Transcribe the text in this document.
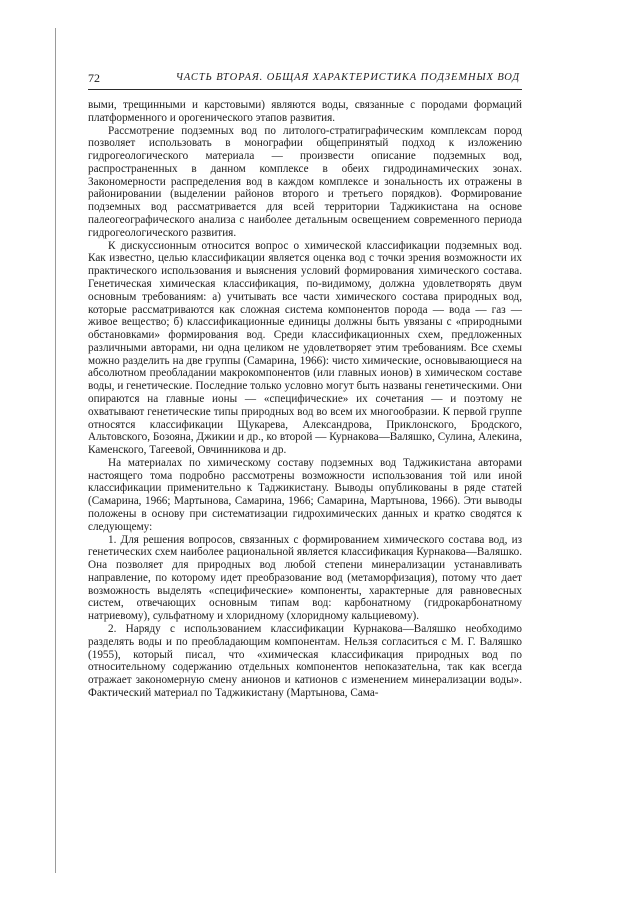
72	ЧАСТЬ ВТОРАЯ. ОБЩАЯ ХАРАКТЕРИСТИКА ПОДЗЕМНЫХ ВОД

выми, трещинными и карстовыми) являются воды, связанные с породами формаций платформенного и орогенического этапов развития.

Рассмотрение подземных вод по литолого-стратиграфическим комплексам пород позволяет использовать в монографии общепринятый подход к изложению гидрогеологического материала — произвести описание подземных вод, распространенных в данном комплексе в обеих гидродинамических зонах. Закономерности распределения вод в каждом комплексе и зональность их отражены в районировании (выделении районов второго и третьего порядков). Формирование подземных вод рассматривается для всей территории Таджикистана на основе палеогеографического анализа с наиболее детальным освещением современного периода гидрогеологического развития.

К дискуссионным относится вопрос о химической классификации подземных вод. Как известно, целью классификации является оценка вод с точки зрения возможности их практического использования и выяснения условий формирования химического состава. Генетическая химическая классификация, по-видимому, должна удовлетворять двум основным требованиям: а) учитывать все части химического состава природных вод, которые рассматриваются как сложная система компонентов порода — вода — газ — живое вещество; б) классификационные единицы должны быть увязаны с «природными обстановками» формирования вод. Среди классификационных схем, предложенных различными авторами, ни одна целиком не удовлетворяет этим требованиям. Все схемы можно разделить на две группы (Самарина, 1966): чисто химические, основывающиеся на абсолютном преобладании макрокомпонентов (или главных ионов) в химическом составе воды, и генетические. Последние только условно могут быть названы генетическими. Они опираются на главные ионы — «специфические» их сочетания — и поэтому не охватывают генетические типы природных вод во всем их многообразии. К первой группе относятся классификации Щукарева, Александрова, Приклонского, Бродского, Альтовского, Бозояна, Джикии и др., ко второй — Курнакова—Валяшко, Сулина, Алекина, Каменского, Тагеевой, Овчинникова и др.

На материалах по химическому составу подземных вод Таджикистана авторами настоящего тома подробно рассмотрены возможности использования той или иной классификации применительно к Таджикистану. Выводы опубликованы в ряде статей (Самарина, 1966; Мартынова, Самарина, 1966; Самарина, Мартынова, 1966). Эти выводы положены в основу при систематизации гидрохимических данных и кратко сводятся к следующему:

1. Для решения вопросов, связанных с формированием химического состава вод, из генетических схем наиболее рациональной является классификация Курнакова—Валяшко. Она позволяет для природных вод любой степени минерализации устанавливать направление, по которому идет преобразование вод (метаморфизация), потому что дает возможность выделять «специфические» компоненты, характерные для равновесных систем, отвечающих основным типам вод: карбонатному (гидрокарбонатному натриевому), сульфатному и хлоридному (хлоридному кальциевому).

2. Наряду с использованием классификации Курнакова—Валяшко необходимо разделять воды и по преобладающим компонентам. Нельзя согласиться с М. Г. Валяшко (1955), который писал, что «химическая классификация природных вод по относительному содержанию отдельных компонентов непоказательна, так как всегда отражает закономерную смену анионов и катионов с изменением минерализации воды». Фактический материал по Таджикистану (Мартынова, Сама-
